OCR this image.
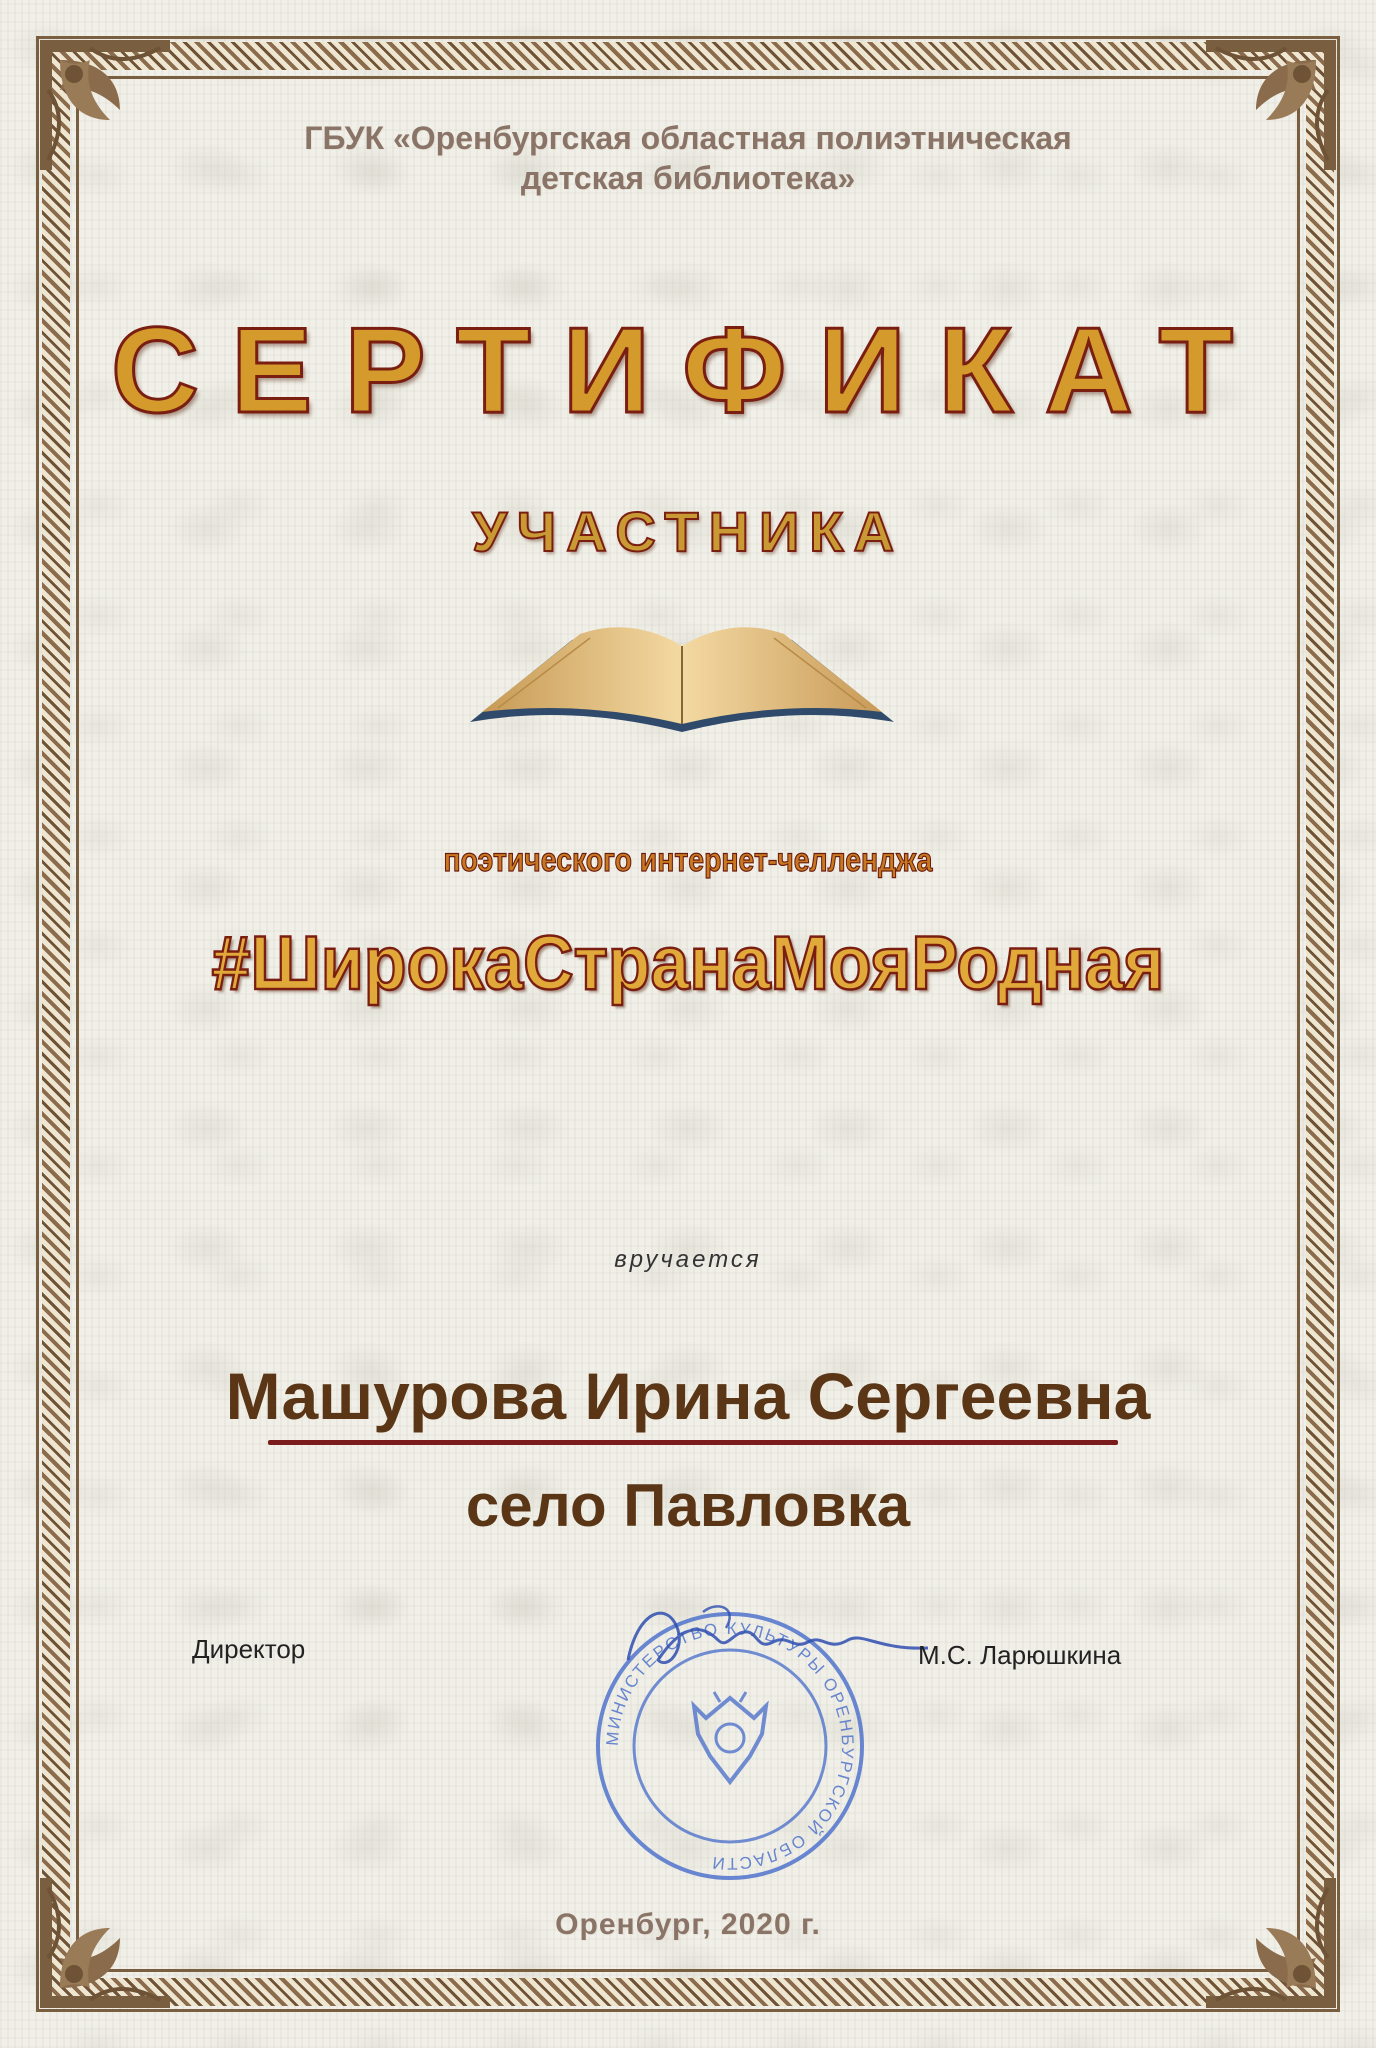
ГБУК «Оренбургская областная полиэтническая
детская библиотека»
СЕРТИФИКАТ
УЧАСТНИКА
поэтического интернет-челленджа
#ШирокаСтранаМояРодная
вручается
Машурова Ирина Сергеевна
село Павловка
Директор
МИНИСТЕРСТВО КУЛЬТУРЫ ОРЕНБУРГСКОЙ ОБЛАСТИ
М.С. Ларюшкина
Оренбург, 2020 г.
